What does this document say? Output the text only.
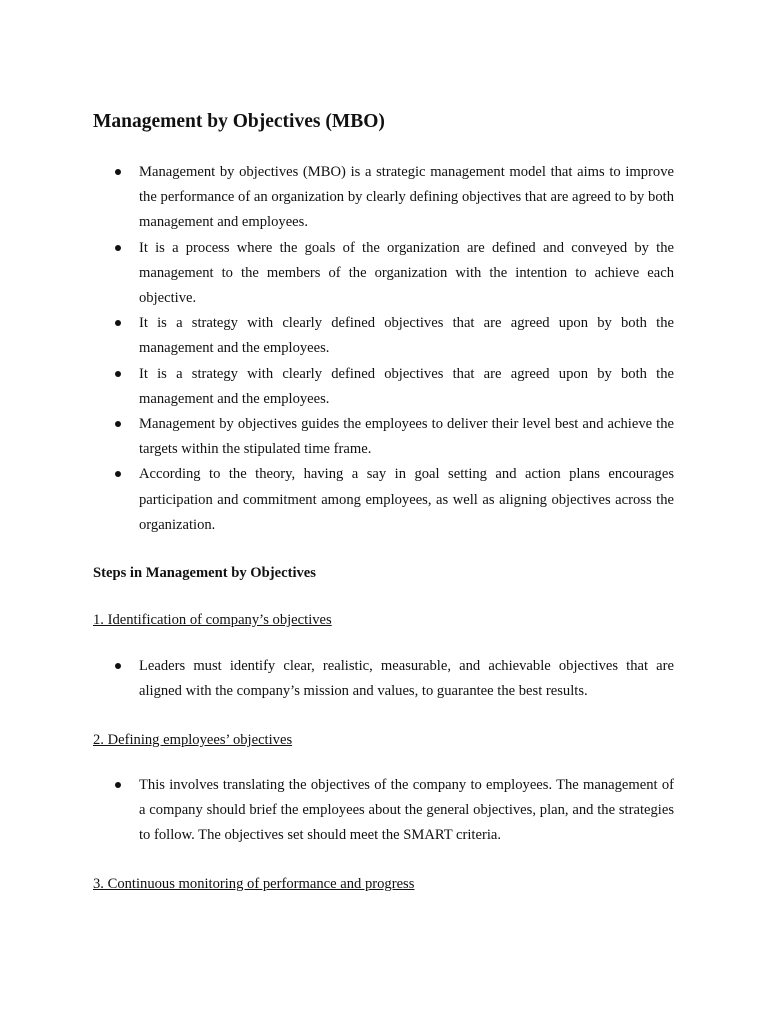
Management by Objectives (MBO)
Management by objectives (MBO) is a strategic management model that aims to improve the performance of an organization by clearly defining objectives that are agreed to by both management and employees.
It is a process where the goals of the organization are defined and conveyed by the management to the members of the organization with the intention to achieve each objective.
It is a strategy with clearly defined objectives that are agreed upon by both the management and the employees.
It is a strategy with clearly defined objectives that are agreed upon by both the management and the employees.
Management by objectives guides the employees to deliver their level best and achieve the targets within the stipulated time frame.
According to the theory, having a say in goal setting and action plans encourages participation and commitment among employees, as well as aligning objectives across the organization.
Steps in Management by Objectives
1. Identification of company’s objectives
Leaders must identify clear, realistic, measurable, and achievable objectives that are aligned with the company’s mission and values, to guarantee the best results.
2. Defining employees’ objectives
This involves translating the objectives of the company to employees. The management of a company should brief the employees about the general objectives, plan, and the strategies to follow. The objectives set should meet the SMART criteria.
3. Continuous monitoring of performance and progress
